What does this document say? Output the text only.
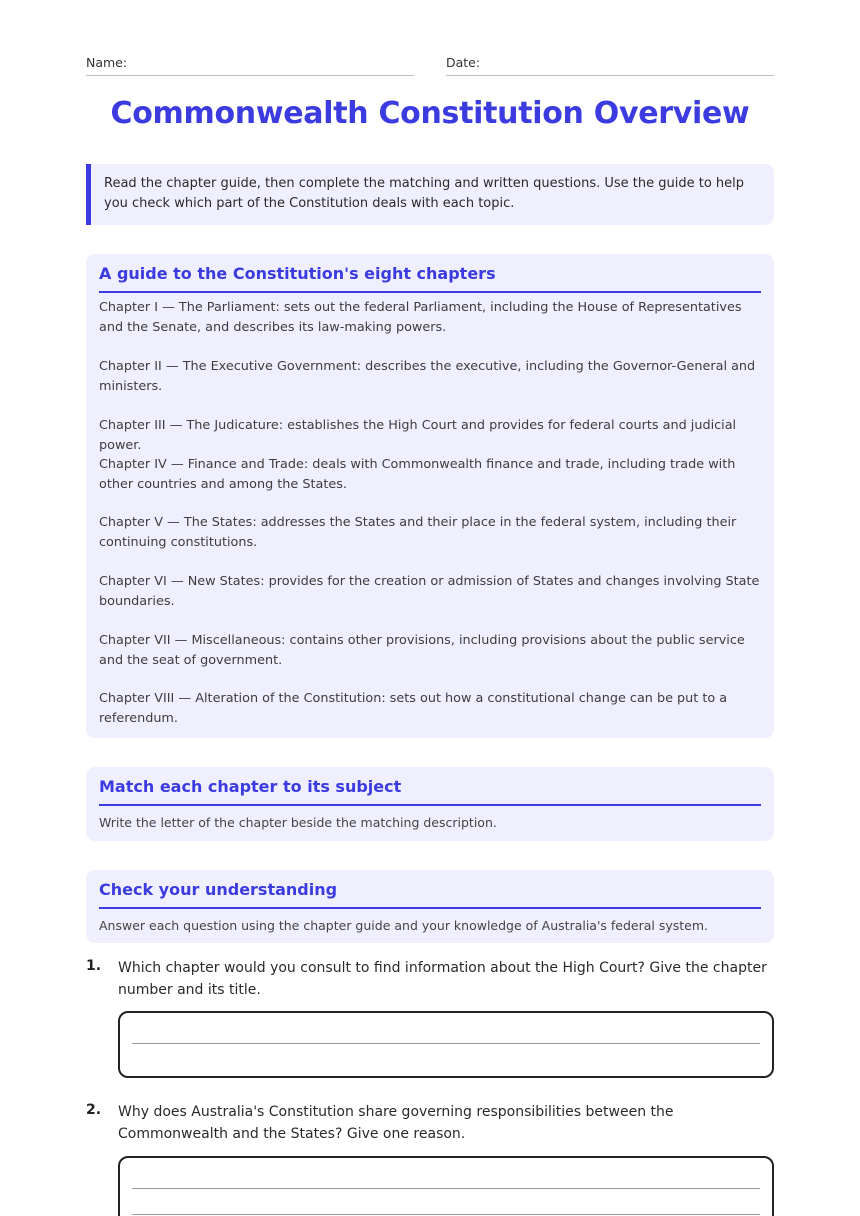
Name:	Date:
Commonwealth Constitution Overview
Read the chapter guide, then complete the matching and written questions. Use the guide to help you check which part of the Constitution deals with each topic.
A guide to the Constitution's eight chapters
Chapter I — The Parliament: sets out the federal Parliament, including the House of Representatives and the Senate, and describes its law-making powers.
Chapter II — The Executive Government: describes the executive, including the Governor-General and ministers.
Chapter III — The Judicature: establishes the High Court and provides for federal courts and judicial power.
Chapter IV — Finance and Trade: deals with Commonwealth finance and trade, including trade with other countries and among the States.
Chapter V — The States: addresses the States and their place in the federal system, including their continuing constitutions.
Chapter VI — New States: provides for the creation or admission of States and changes involving State boundaries.
Chapter VII — Miscellaneous: contains other provisions, including provisions about the public service and the seat of government.
Chapter VIII — Alteration of the Constitution: sets out how a constitutional change can be put to a referendum.
Match each chapter to its subject

Write the letter of the chapter beside the matching description.

Check your understanding

Answer each question using the chapter guide and your knowledge of Australia's federal system.

1. Which chapter would you consult to find information about the High Court? Give the chapter number and its title.

2. Why does Australia's Constitution share governing responsibilities between the Commonwealth and the States? Give one reason.
